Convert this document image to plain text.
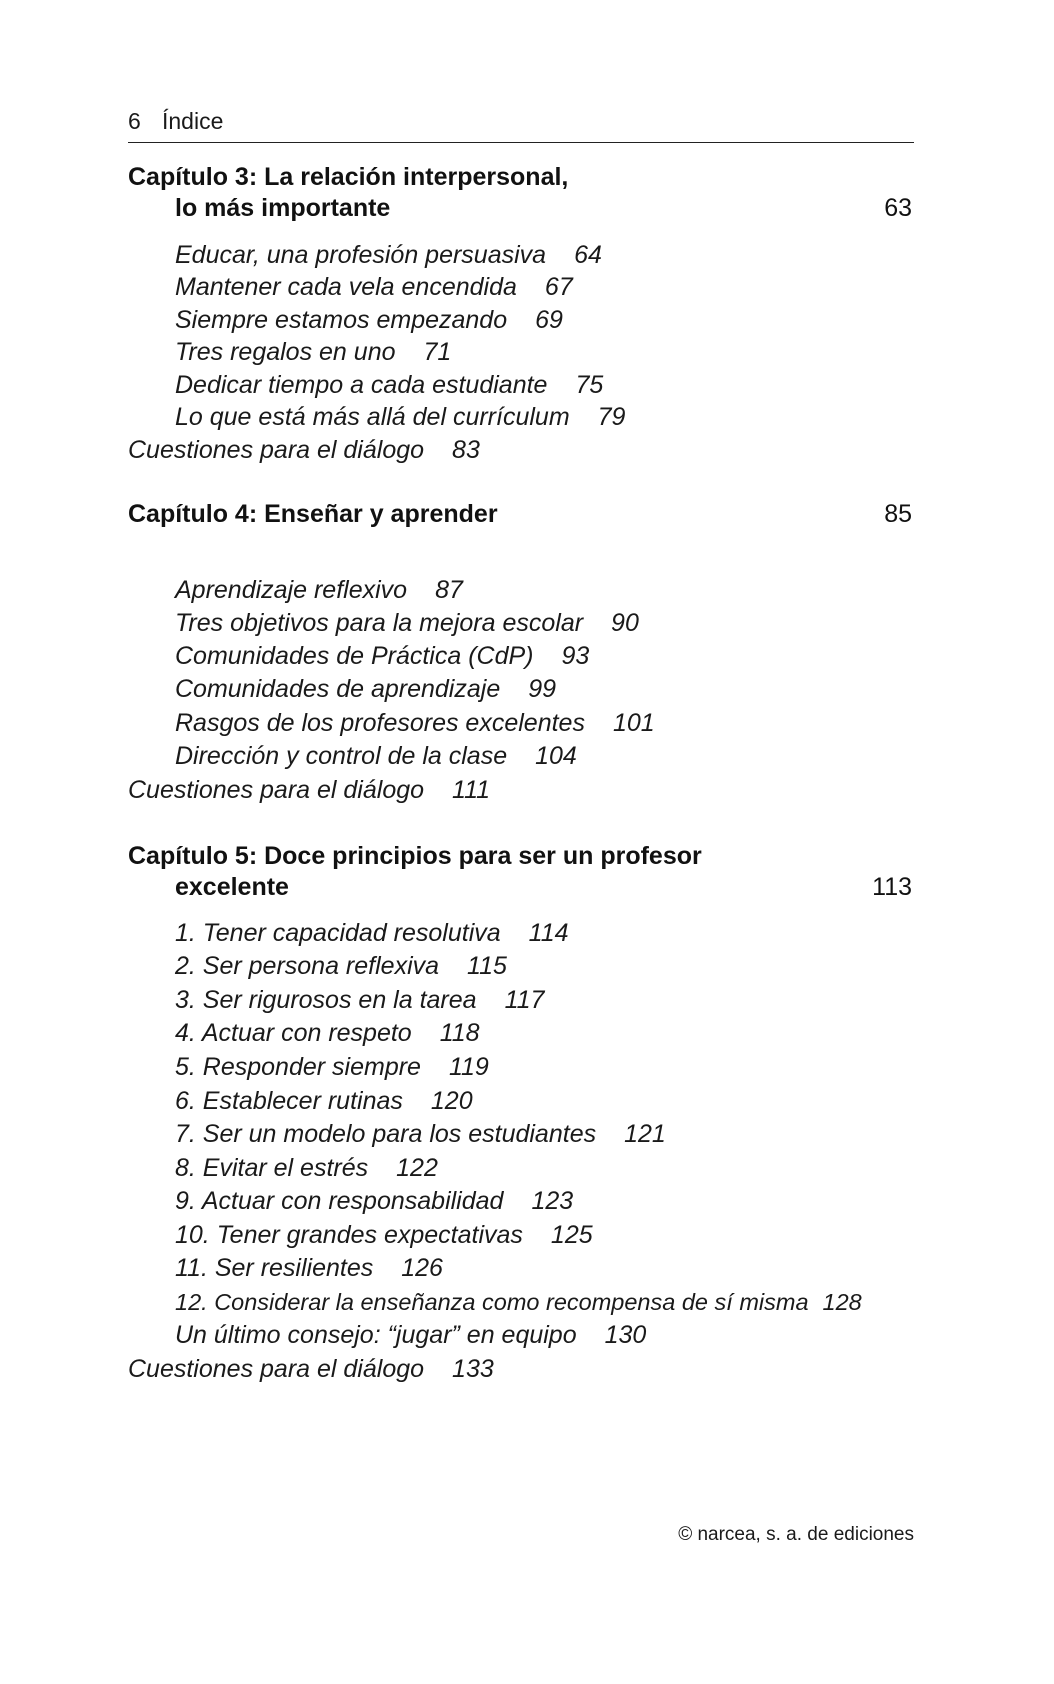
6 Índice
Capítulo 3: La relación interpersonal,
lo más importante	63
Educar, una profesión persuasiva 64
Mantener cada vela encendida 67
Siempre estamos empezando 69
Tres regalos en uno 71
Dedicar tiempo a cada estudiante 75
Lo que está más allá del currículum 79
Cuestiones para el diálogo 83
Capítulo 4: Enseñar y aprender	85
Aprendizaje reflexivo 87
Tres objetivos para la mejora escolar 90
Comunidades de Práctica (CdP) 93
Comunidades de aprendizaje 99
Rasgos de los profesores excelentes 101
Dirección y control de la clase 104
Cuestiones para el diálogo 111
Capítulo 5: Doce principios para ser un profesor
excelente	113
1. Tener capacidad resolutiva 114
2. Ser persona reflexiva 115
3. Ser rigurosos en la tarea 117
4. Actuar con respeto 118
5. Responder siempre 119
6. Establecer rutinas 120
7. Ser un modelo para los estudiantes 121
8. Evitar el estrés 122
9. Actuar con responsabilidad 123
10. Tener grandes expectativas 125
11. Ser resilientes 126
12. Considerar la enseñanza como recompensa de sí misma 128
Un último consejo: “jugar” en equipo 130
Cuestiones para el diálogo 133
© narcea, s. a. de ediciones
